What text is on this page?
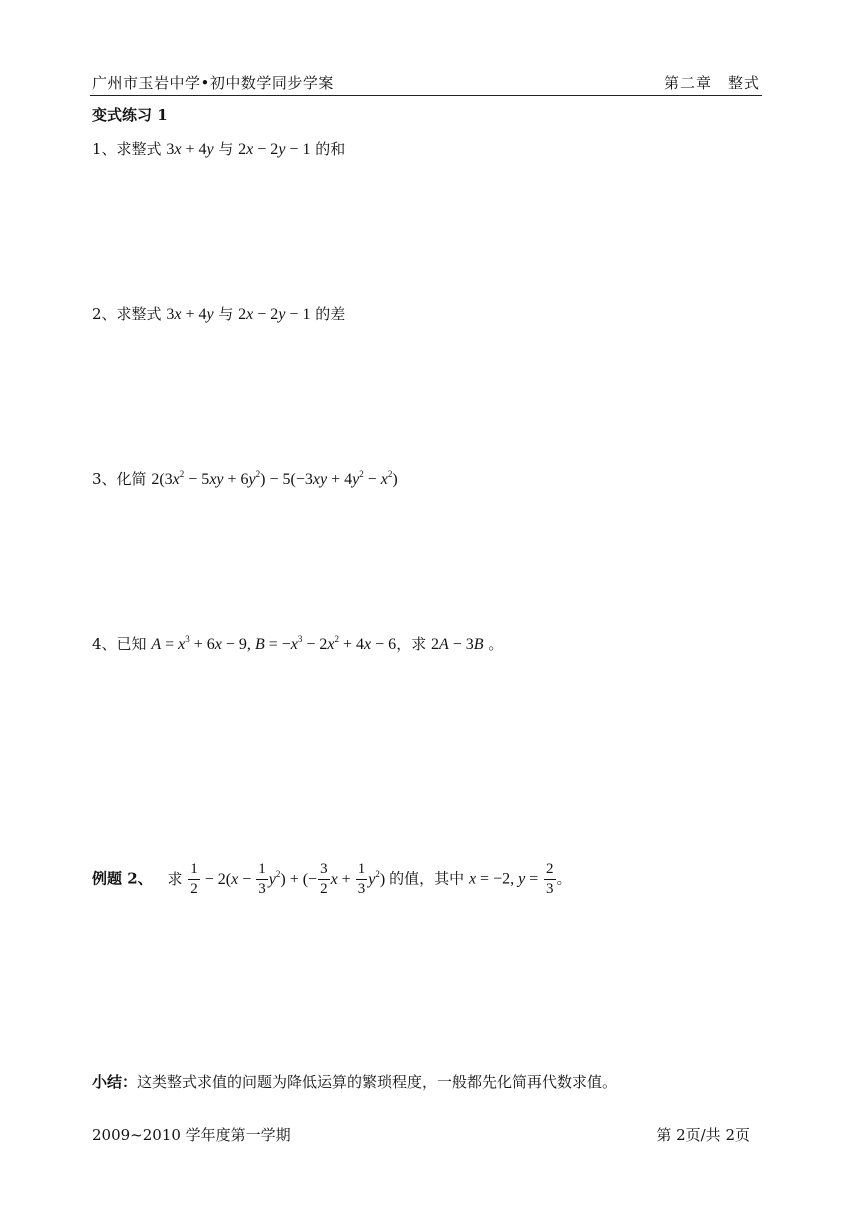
广州市玉岩中学•初中数学同步学案	第二章　整式
变式练习 1
1、求整式 3x + 4y 与 2x − 2y − 1 的和
2、求整式 3x + 4y 与 2x − 2y − 1 的差
3、化简 $2(3x^2 - 5xy + 6y^2) - 5(-3xy + 4y^2 - x^2)$
4、已知 $A = x^3 + 6x - 9$, $B = -x^3 - 2x^2 + 4x - 6$，求 2A − 3B 。
例题 2、 求 $\frac{1}{2} - 2(x - \frac{1}{3} y^2)$ + (− $\frac{3}{2}$ $x + \frac{1}{3} y^2$) 的值，其中 x = −2, $y = \frac{2}{3}$ 。
小结：这类整式求值的问题为降低运算的繁琐程度，一般都先化简再代数求值。
2009~2010 学年度第一学期	第 2页/共 2页
